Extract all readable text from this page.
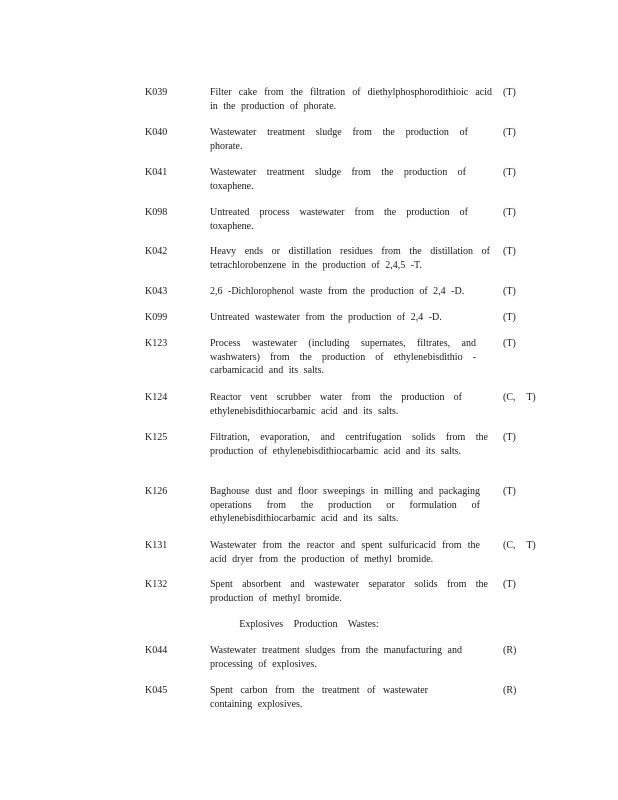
K039	Filter cake from the filtration of diethylphosphorodithioic acid in the production of phorate.
(T)
K040	Wastewater treatment sludge from the production of phorate.
(T)
K041	Wastewater treatment sludge from the production of toxaphene.
(T)
K098	Untreated process wastewater from the production of toxaphene.
(T)
K042	Heavy ends or distillation residues from the distillation of tetrachlorobenzene in the production of 2,4,5 -T.
(T)
K043	2,6 -Dichlorophenol waste from the production of 2,4 -D.	(T)
K099	Untreated wastewater from the production of 2,4 -D.	(T)
K123	Process wastewater (including supernates, filtrates, and washwaters) from the production of ethylenebisdithio - carbamicacid and its salts.
(T)
K124	Reactor vent scrubber water from the production of ethylenebisdithiocarbamic acid and its salts.
(C,  T)
K125	Filtration, evaporation, and centrifugation solids from the production of ethylenebisdithiocarbamic acid and its salts.
(T)
K126	Baghouse dust and floor sweepings in milling and packaging operations from the production or formulation of ethylenebisdithiocarbamic acid and its salts.
(T)
K131	Wastewater from the reactor and spent sulfuricacid from the acid dryer from the production of methyl bromide.
(C,  T)
K132	Spent absorbent and wastewater separator solids from the production of methyl bromide.
(T)
Explosives Production Wastes:
K044	Wastewater treatment sludges from the manufacturing and processing of explosives.
(R)
K045	Spent carbon from the treatment of wastewater containing explosives.
(R)
